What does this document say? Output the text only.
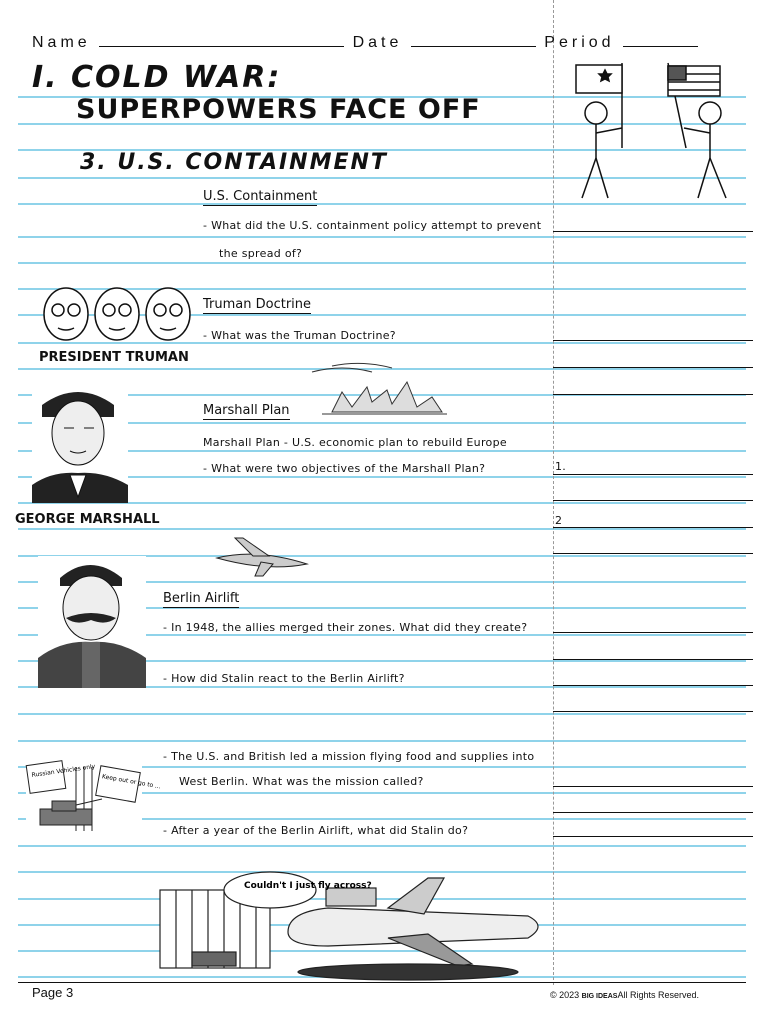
Name	Date	Period
I. COLD WAR:
SUPERPOWERS FACE OFF
3. U.S. CONTAINMENT
U.S. Containment
- What did the U.S. containment policy attempt to prevent
the spread of?
PRESIDENT TRUMAN
Truman Doctrine
- What was the Truman Doctrine?
GEORGE MARSHALL
Marshall Plan
Marshall Plan - U.S. economic plan to rebuild Europe
- What were two objectives of the Marshall Plan?	1.
2
Berlin Airlift
- In 1948, the allies merged their zones. What did they create?
- How did Stalin react to the Berlin Airlift?
Russian Vehicles only
Keep out or go to ...
- The U.S. and British led a mission flying food and supplies into
West Berlin. What was the mission called?
- After a year of the Berlin Airlift, what did Stalin do?
Couldn't I just fly across?
Page 3	© 2023 BIG IDEASAll Rights Reserved.
